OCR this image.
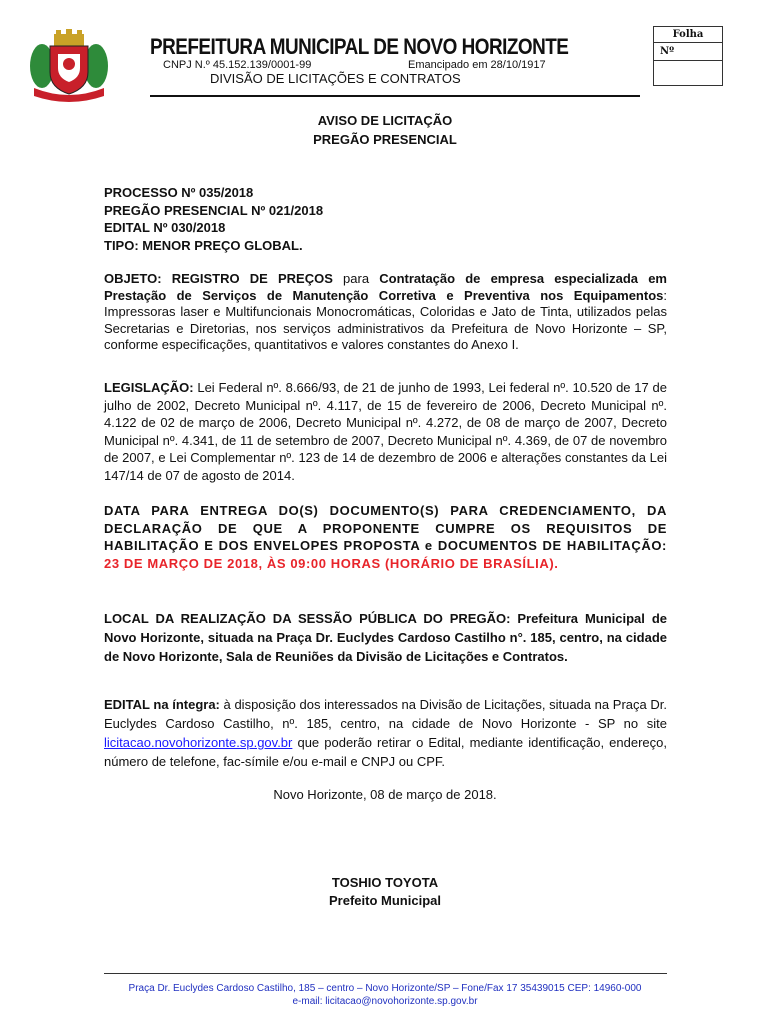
PREFEITURA MUNICIPAL DE NOVO HORIZONTE
CNPJ N.º 45.152.139/0001-99	Emancipado em 28/10/1917
DIVISÃO DE LICITAÇÕES E CONTRATOS
Folha
Nº
AVISO DE LICITAÇÃO
PREGÃO PRESENCIAL
PROCESSO Nº 035/2018
PREGÃO PRESENCIAL Nº 021/2018
EDITAL Nº 030/2018
TIPO: MENOR PREÇO GLOBAL.
OBJETO: REGISTRO DE PREÇOS para Contratação de empresa especializada em Prestação de Serviços de Manutenção Corretiva e Preventiva nos Equipamentos: Impressoras laser e Multifuncionais Monocromáticas, Coloridas e Jato de Tinta, utilizados pelas Secretarias e Diretorias, nos serviços administrativos da Prefeitura de Novo Horizonte – SP, conforme especificações, quantitativos e valores constantes do Anexo I.
LEGISLAÇÃO: Lei Federal nº. 8.666/93, de 21 de junho de 1993, Lei federal nº. 10.520 de 17 de julho de 2002, Decreto Municipal nº. 4.117, de 15 de fevereiro de 2006, Decreto Municipal nº. 4.122 de 02 de março de 2006, Decreto Municipal nº. 4.272, de 08 de março de 2007, Decreto Municipal nº. 4.341, de 11 de setembro de 2007, Decreto Municipal nº. 4.369, de 07 de novembro de 2007, e Lei Complementar nº. 123 de 14 de dezembro de 2006 e alterações constantes da Lei 147/14 de 07 de agosto de 2014.
DATA PARA ENTREGA DO(S) DOCUMENTO(S) PARA CREDENCIAMENTO, DA DECLARAÇÃO DE QUE A PROPONENTE CUMPRE OS REQUISITOS DE HABILITAÇÃO E DOS ENVELOPES PROPOSTA e DOCUMENTOS DE HABILITAÇÃO: 23 DE MARÇO DE 2018, ÀS 09:00 HORAS (HORÁRIO DE BRASÍLIA).
LOCAL DA REALIZAÇÃO DA SESSÃO PÚBLICA DO PREGÃO: Prefeitura Municipal de Novo Horizonte, situada na Praça Dr. Euclydes Cardoso Castilho n°. 185, centro, na cidade de Novo Horizonte, Sala de Reuniões da Divisão de Licitações e Contratos.
EDITAL na íntegra: à disposição dos interessados na Divisão de Licitações, situada na Praça Dr. Euclydes Cardoso Castilho, nº. 185, centro, na cidade de Novo Horizonte - SP no site licitacao.novohorizonte.sp.gov.br que poderão retirar o Edital, mediante identificação, endereço, número de telefone, fac-símile e/ou e-mail e CNPJ ou CPF.
Novo Horizonte, 08 de março de 2018.
TOSHIO TOYOTA
Prefeito Municipal
Praça Dr. Euclydes Cardoso Castilho, 185 – centro – Novo Horizonte/SP – Fone/Fax 17 35439015 CEP: 14960-000
e-mail: licitacao@novohorizonte.sp.gov.br
